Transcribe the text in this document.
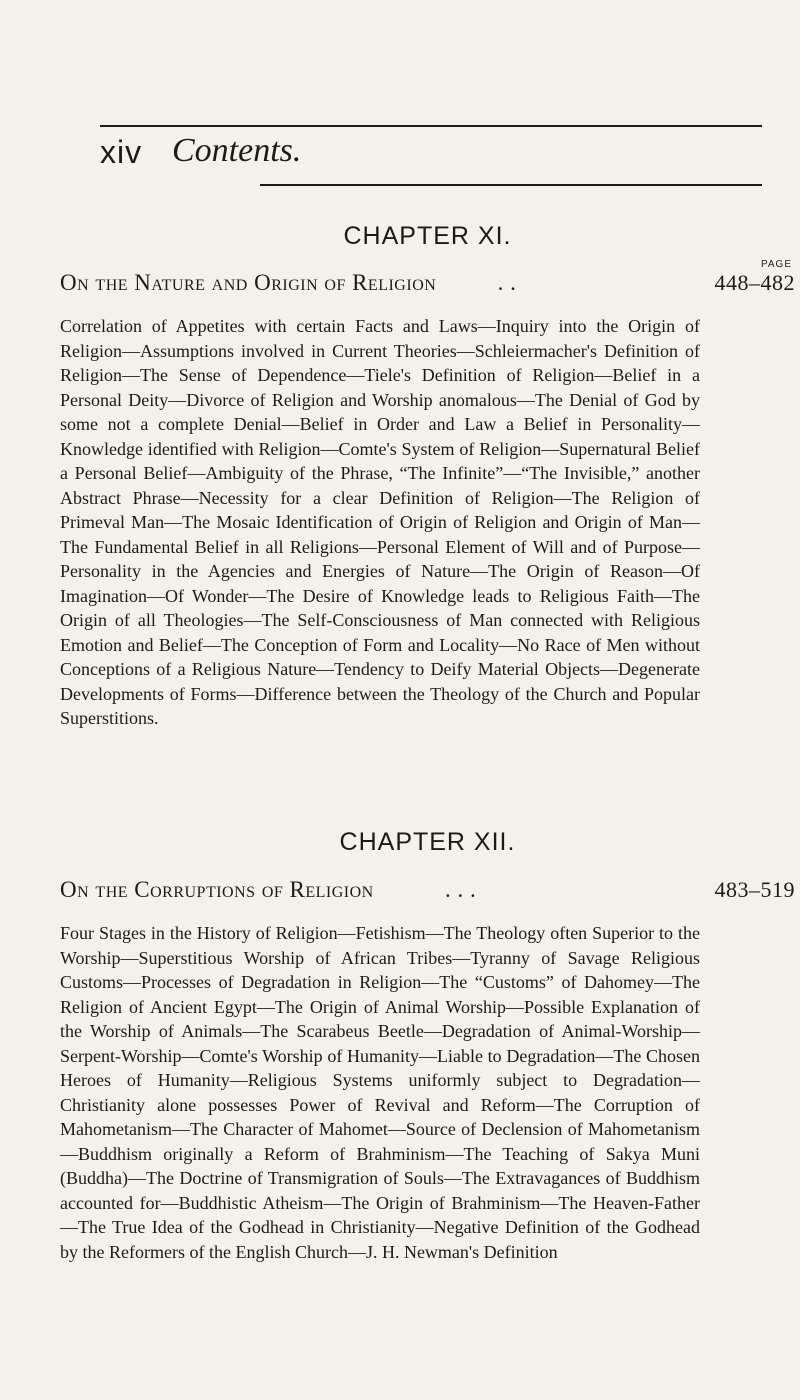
xiv Contents.
CHAPTER XI.
PAGE
On the Nature and Origin of Religion . .	448–482

Correlation of Appetites with certain Facts and Laws—Inquiry into the Origin of Religion—Assumptions involved in Current Theories—Schleiermacher's Definition of Religion—The Sense of Dependence—Tiele's Definition of Religion—Belief in a Personal Deity—Divorce of Religion and Worship anomalous—The Denial of God by some not a complete Denial—Belief in Order and Law a Belief in Personality—Knowledge identified with Religion—Comte's System of Religion—Supernatural Belief a Personal Belief—Ambiguity of the Phrase, “The Infinite”—“The Invisible,” another Abstract Phrase—Necessity for a clear Definition of Religion—The Religion of Primeval Man—The Mosaic Identification of Origin of Religion and Origin of Man—The Fundamental Belief in all Religions—Personal Element of Will and of Purpose—Personality in the Agencies and Energies of Nature—The Origin of Reason—Of Imagination—Of Wonder—The Desire of Knowledge leads to Religious Faith—The Origin of all Theologies—The Self-Consciousness of Man connected with Religious Emotion and Belief—The Conception of Form and Locality—No Race of Men without Conceptions of a Religious Nature—Tendency to Deify Material Objects—Degenerate Developments of Forms—Difference between the Theology of the Church and Popular Superstitions.

CHAPTER XII.
On the Corruptions of Religion	. . .	483–519

Four Stages in the History of Religion—Fetishism—The Theology often Superior to the Worship—Superstitious Worship of African Tribes—Tyranny of Savage Religious Customs—Processes of Degradation in Religion—The “Customs” of Dahomey—The Religion of Ancient Egypt—The Origin of Animal Worship—Possible Explanation of the Worship of Animals—The Scarabeus Beetle—Degradation of Animal-Worship—Serpent-Worship—Comte's Worship of Humanity—Liable to Degradation—The Chosen Heroes of Humanity—Religious Systems uniformly subject to Degradation—Christianity alone possesses Power of Revival and Reform—The Corruption of Mahometanism—The Character of Mahomet—Source of Declension of Mahometanism—Buddhism originally a Reform of Brahminism—The Teaching of Sakya Muni (Buddha)—The Doctrine of Transmigration of Souls—The Extravagances of Buddhism accounted for—Buddhistic Atheism—The Origin of Brahminism—The Heaven-Father—The True Idea of the Godhead in Christianity—Negative Definition of the Godhead by the Reformers of the English Church—J. H. Newman's Definition
